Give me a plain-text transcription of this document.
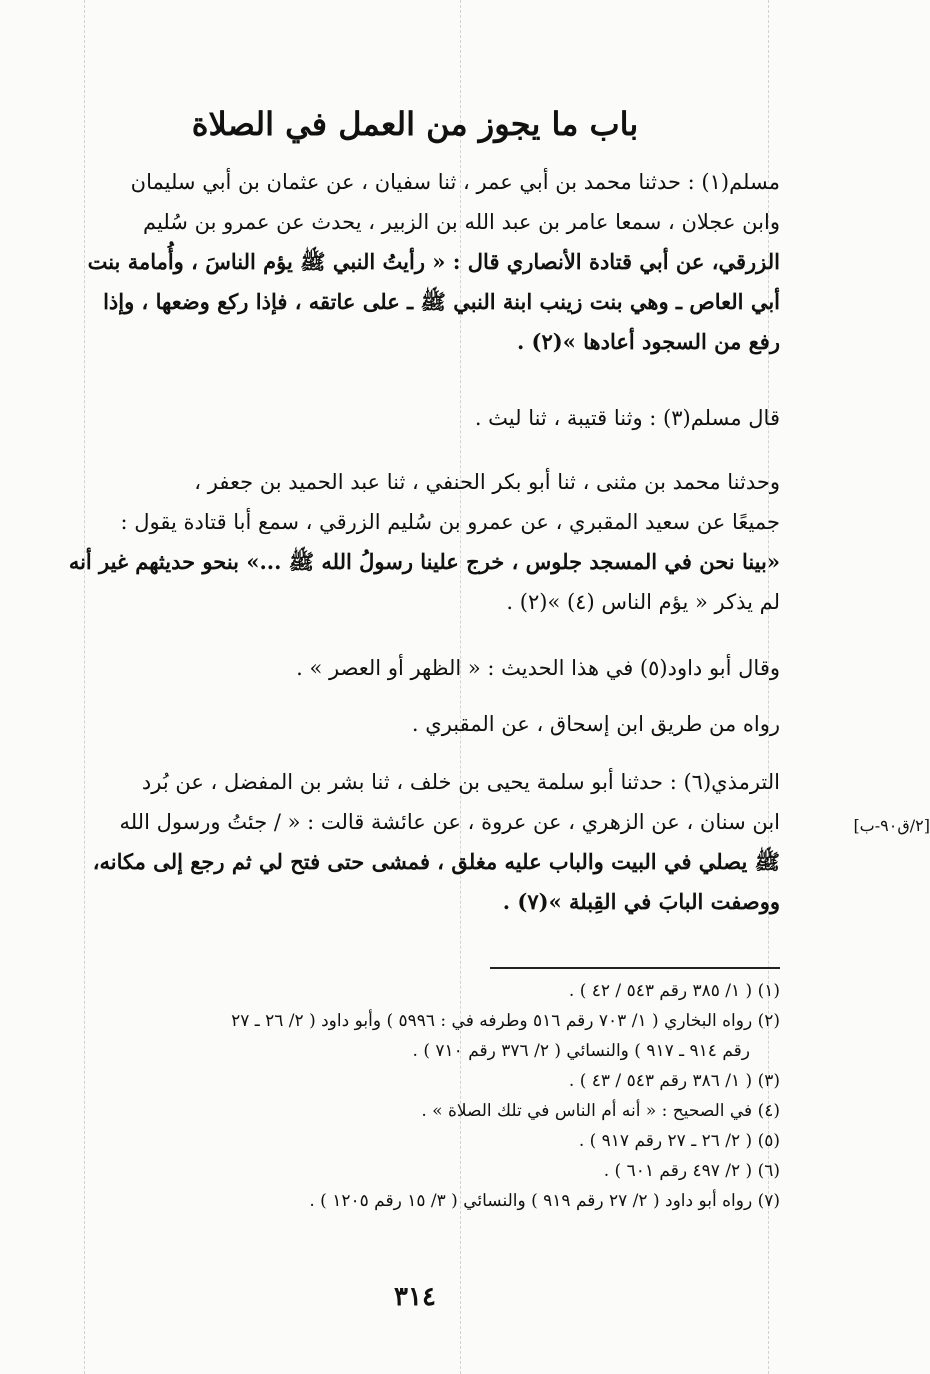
باب ما يجوز من العمل في الصلاة
مسلم(١) : حدثنا محمد بن أبي عمر ، ثنا سفيان ، عن عثمان بن أبي سليمان
وابن عجلان ، سمعا عامر بن عبد الله بن الزبير ، يحدث عن عمرو بن سُليم
الزرقي، عن أبي قتادة الأنصاري قال : « رأيتُ النبي ﷺ يؤم الناسَ ، وأُمامة بنت
أبي العاص ـ وهي بنت زينب ابنة النبي ﷺ ـ على عاتقه ، فإذا ركع وضعها ، وإذا
رفع من السجود أعادها »(٢) .
قال مسلم(٣) : وثنا قتيبة ، ثنا ليث .
وحدثنا محمد بن مثنى ، ثنا أبو بكر الحنفي ، ثنا عبد الحميد بن جعفر ،
جميعًا عن سعيد المقبري ، عن عمرو بن سُليم الزرقي ، سمع أبا قتادة يقول :
«بينا نحن في المسجد جلوس ، خرج علينا رسولُ الله ﷺ ...» بنحو حديثهم غير أنه
لم يذكر « يؤم الناس (٤) »(٢) .
وقال أبو داود(٥) في هذا الحديث : « الظهر أو العصر » .
رواه من طريق ابن إسحاق ، عن المقبري .
الترمذي(٦) : حدثنا أبو سلمة يحيى بن خلف ، ثنا بشر بن المفضل ، عن بُرد
ابن سنان ، عن الزهري ، عن عروة ، عن عائشة قالت : « / جئتُ ورسول الله
ﷺ يصلي في البيت والباب عليه مغلق ، فمشى حتى فتح لي ثم رجع إلى مكانه،
ووصفت البابَ في القِبلة »(٧) .
[٢/ق٩٠-ب]
(١) ( ١/ ٣٨٥ رقم ٥٤٣ / ٤٢ ) .
(٢) رواه البخاري ( ١/ ٧٠٣ رقم ٥١٦ وطرفه في : ٥٩٩٦ ) وأبو داود ( ٢/ ٢٦ ـ ٢٧
رقم ٩١٤ ـ ٩١٧ ) والنسائي ( ٢/ ٣٧٦ رقم ٧١٠ ) .
(٣) ( ١/ ٣٨٦ رقم ٥٤٣ / ٤٣ ) .
(٤) في الصحيح : « أنه أم الناس في تلك الصلاة » .
(٥) ( ٢/ ٢٦ ـ ٢٧ رقم ٩١٧ ) .
(٦) ( ٢/ ٤٩٧ رقم ٦٠١ ) .
(٧) رواه أبو داود ( ٢/ ٢٧ رقم ٩١٩ ) والنسائي ( ٣/ ١٥ رقم ١٢٠٥ ) .
٣١٤
